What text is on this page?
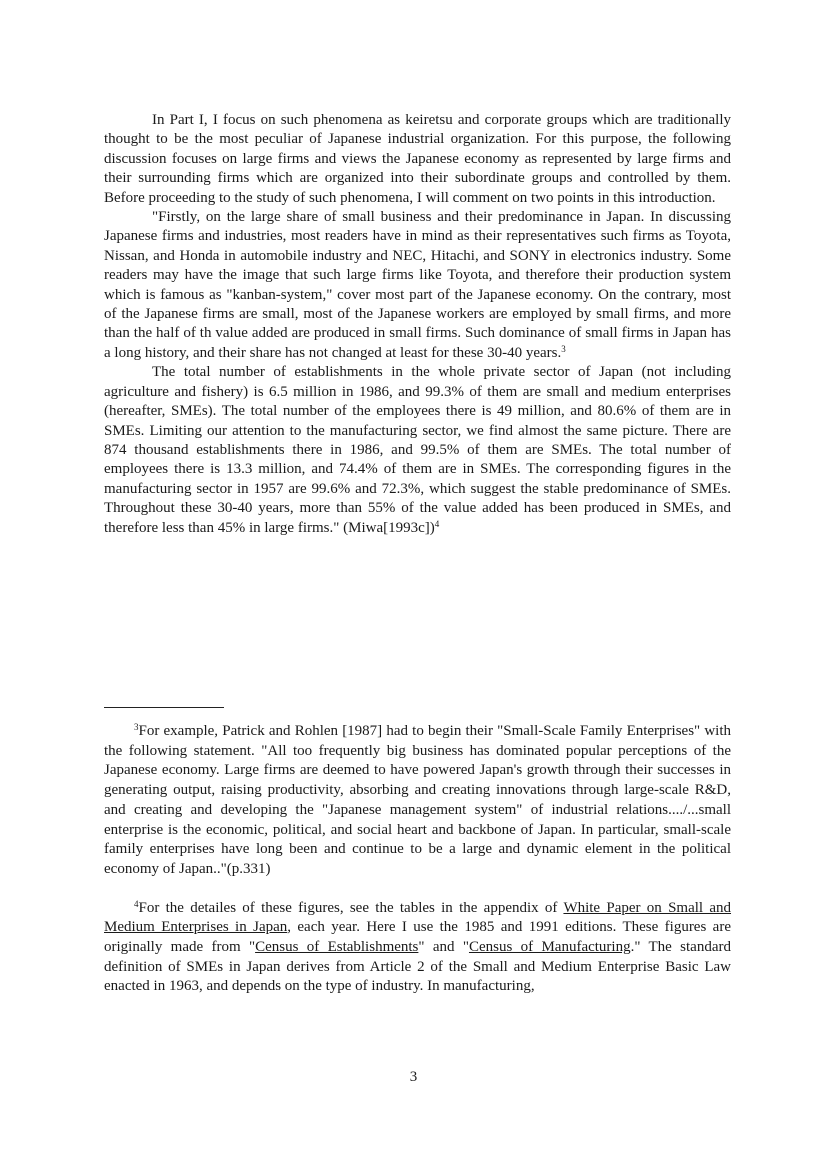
In Part I, I focus on such phenomena as keiretsu and corporate groups which are traditionally thought to be the most peculiar of Japanese industrial organization. For this purpose, the following discussion focuses on large firms and views the Japanese economy as represented by large firms and their surrounding firms which are organized into their subordinate groups and controlled by them. Before proceeding to the study of such phenomena, I will comment on two points in this introduction.

"Firstly, on the large share of small business and their predominance in Japan. In discussing Japanese firms and industries, most readers have in mind as their representatives such firms as Toyota, Nissan, and Honda in automobile industry and NEC, Hitachi, and SONY in electronics industry. Some readers may have the image that such large firms like Toyota, and therefore their production system which is famous as "kanban-system," cover most part of the Japanese economy. On the contrary, most of the Japanese firms are small, most of the Japanese workers are employed by small firms, and more than the half of th value added are produced in small firms. Such dominance of small firms in Japan has a long history, and their share has not changed at least for these 30-40 years.$^3$

The total number of establishments in the whole private sector of Japan (not including agriculture and fishery) is 6.5 million in 1986, and 99.3% of them are small and medium enterprises (hereafter, SMEs). The total number of the employees there is 49 million, and 80.6% of them are in SMEs. Limiting our attention to the manufacturing sector, we find almost the same picture. There are 874 thousand establishments there in 1986, and 99.5% of them are SMEs. The total number of employees there is 13.3 million, and 74.4% of them are in SMEs. The corresponding figures in the manufacturing sector in 1957 are 99.6% and 72.3%, which suggest the stable predominance of SMEs. Throughout these 30-40 years, more than 55% of the value added has been produced in SMEs, and therefore less than 45% in large firms." (Miwa[1993c])$^4$

$^3$For example, Patrick and Rohlen [1987] had to begin their "Small-Scale Family Enterprises" with the following statement. "All too frequently big business has dominated popular perceptions of the Japanese economy. Large firms are deemed to have powered Japan's growth through their successes in generating output, raising productivity, absorbing and creating innovations through large-scale R&D, and creating and developing the "Japanese management system" of industrial relations..../...small enterprise is the economic, political, and social heart and backbone of Japan. In particular, small-scale family enterprises have long been and continue to be a large and dynamic element in the political economy of Japan.."(p.331)

$^4$For the detailes of these figures, see the tables in the appendix of White Paper on Small and Medium Enterprises in Japan, each year. Here I use the 1985 and 1991 editions. These figures are originally made from "Census of Establishments" and "Census of Manufacturing." The standard definition of SMEs in Japan derives from Article 2 of the Small and Medium Enterprise Basic Law enacted in 1963, and depends on the type of industry. In manufacturing,

3
